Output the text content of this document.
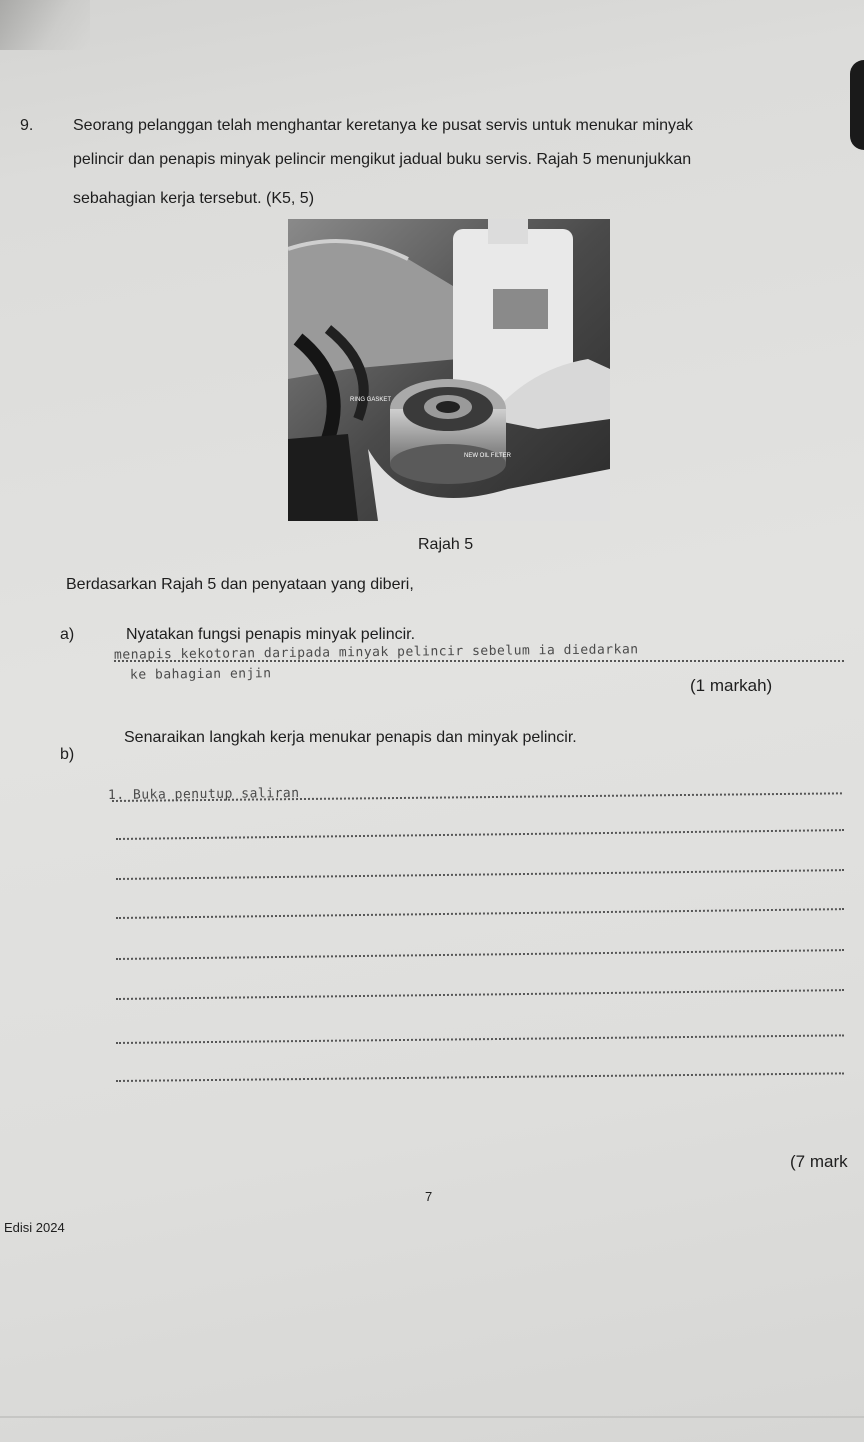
9. Seorang pelanggan telah menghantar keretanya ke pusat servis untuk menukar minyak
pelincir dan penapis minyak pelincir mengikut jadual buku servis. Rajah 5 menunjukkan
sebahagian kerja tersebut. (K5, 5)
RING GASKET
NEW OIL FILTER
Rajah 5
Berdasarkan Rajah 5 dan penyataan yang diberi,
a)	Nyatakan fungsi penapis minyak pelincir.
menapis kekotoran daripada minyak pelincir sebelum ia diedarkan
ke bahagian enjin
(1 markah)
b)
Senaraikan langkah kerja menukar penapis dan minyak pelincir.
1. Buka penutup saliran
(7 mark
7
Edisi 2024
